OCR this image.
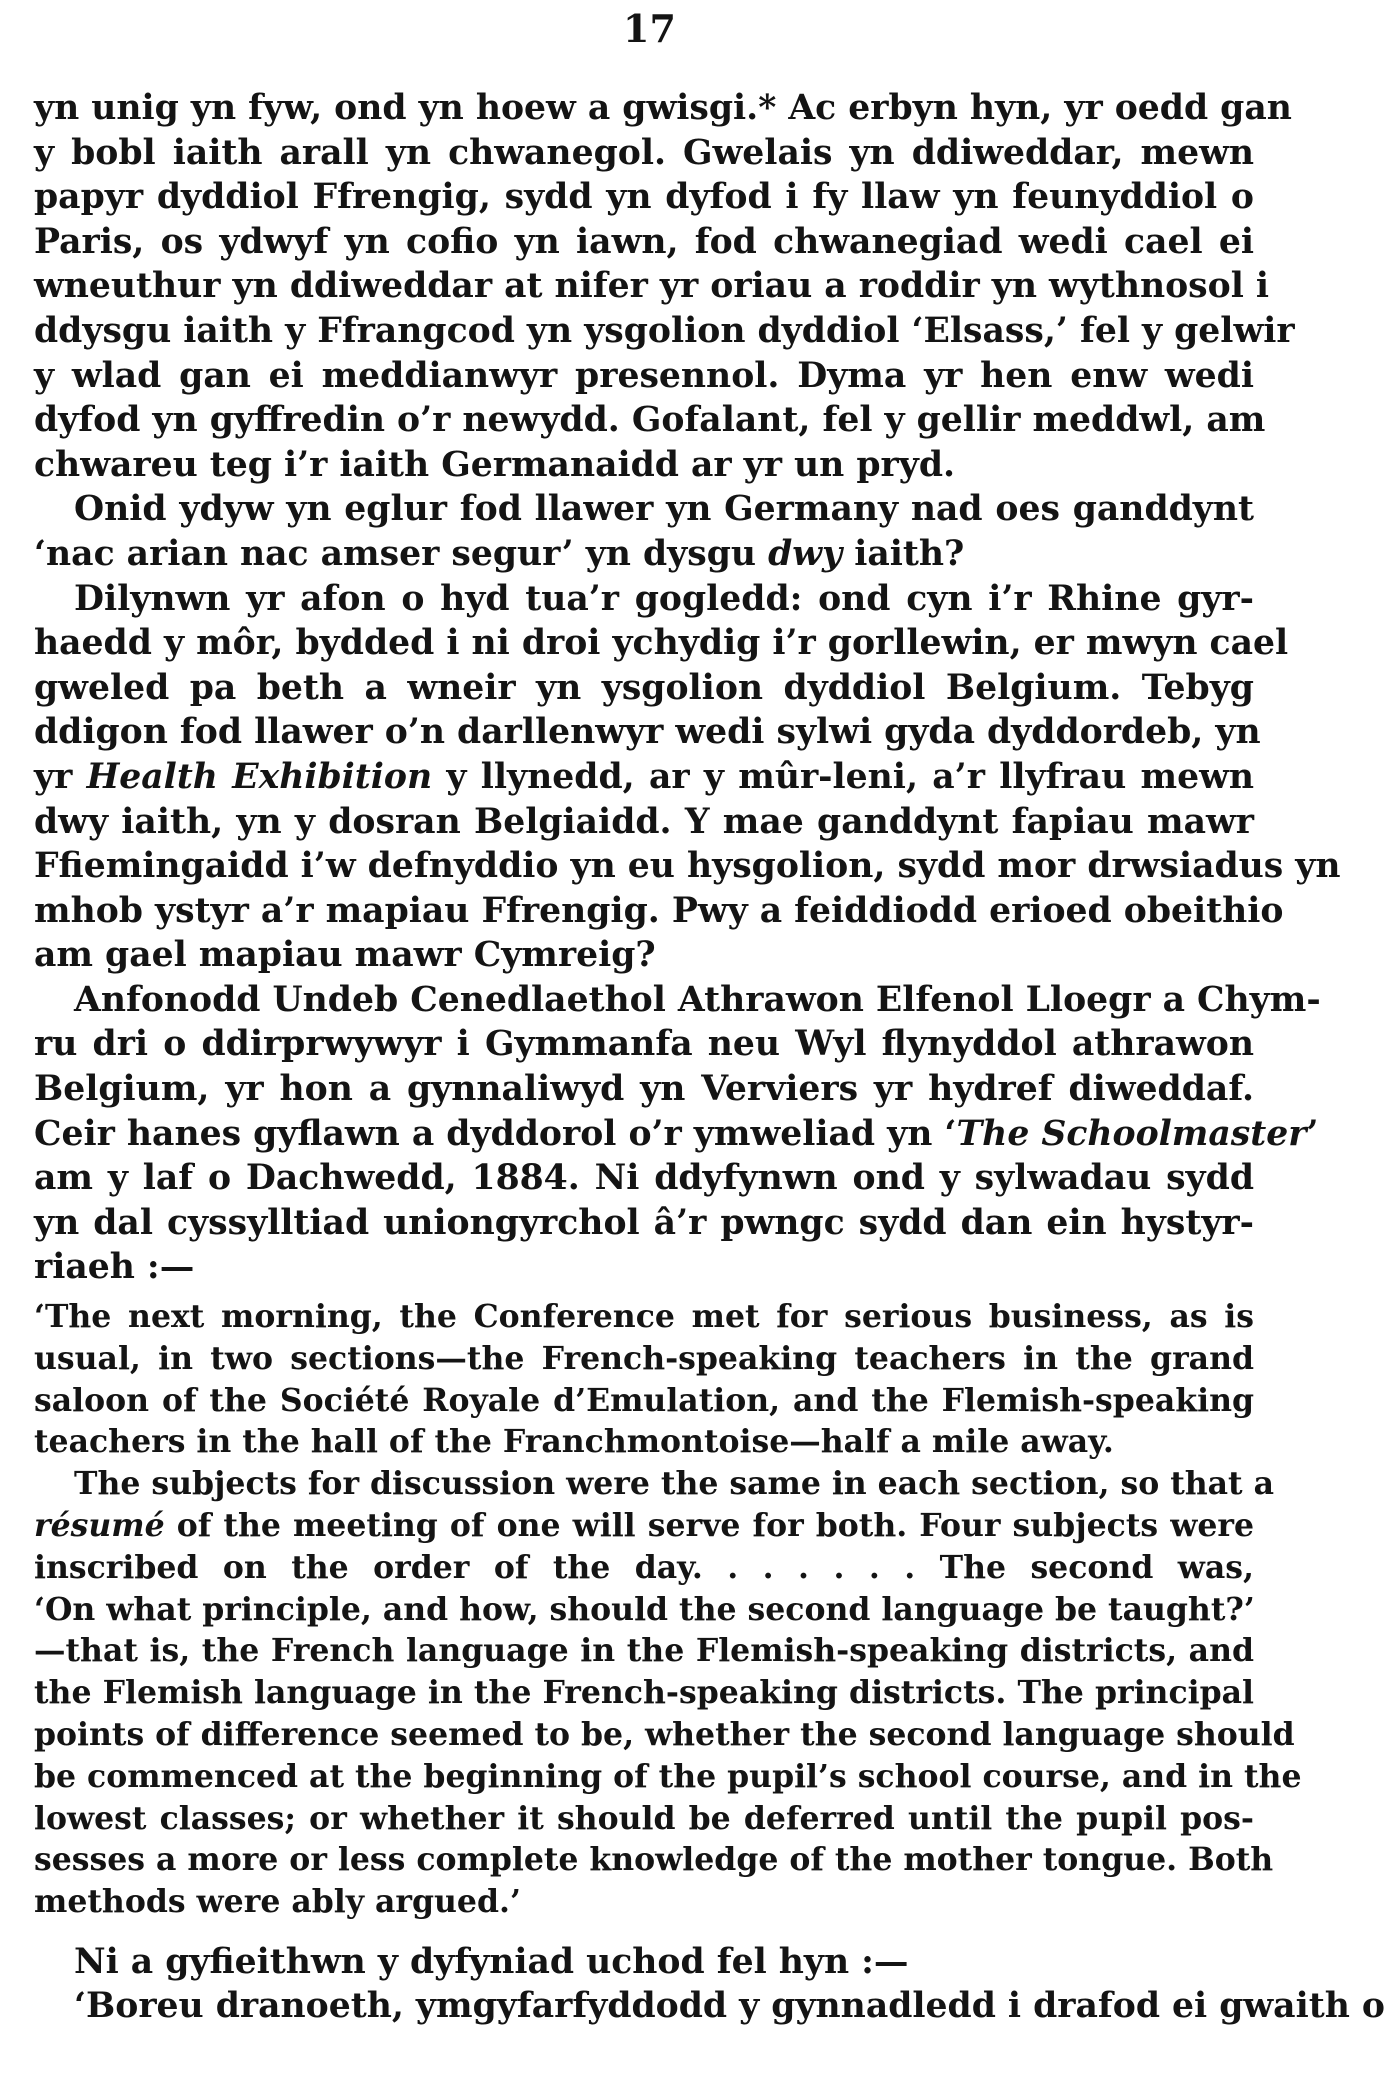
17
yn unig yn fyw, ond yn hoew a gwisgi.* Ac erbyn hyn, yr oedd gan
y bobl iaith arall yn chwanegol. Gwelais yn ddiweddar, mewn
papyr dyddiol Ffrengig, sydd yn dyfod i fy llaw yn feunyddiol o
Paris, os ydwyf yn cofio yn iawn, fod chwanegiad wedi cael ei
wneuthur yn ddiweddar at nifer yr oriau a roddir yn wythnosol i
ddysgu iaith y Ffrangcod yn ysgolion dyddiol ‘Elsass,’ fel y gelwir
y wlad gan ei meddianwyr presennol. Dyma yr hen enw wedi
dyfod yn gyffredin o’r newydd. Gofalant, fel y gellir meddwl, am
chwareu teg i’r iaith Germanaidd ar yr un pryd.
Onid ydyw yn eglur fod llawer yn Germany nad oes ganddynt
‘nac arian nac amser segur’ yn dysgu dwy iaith?
Dilynwn yr afon o hyd tua’r gogledd: ond cyn i’r Rhine gyr-
haedd y môr, bydded i ni droi ychydig i’r gorllewin, er mwyn cael
gweled pa beth a wneir yn ysgolion dyddiol Belgium. Tebyg
ddigon fod llawer o’n darllenwyr wedi sylwi gyda dyddordeb, yn
yr Health Exhibition y llynedd, ar y mûr-leni, a’r llyfrau mewn
dwy iaith, yn y dosran Belgiaidd. Y mae ganddynt fapiau mawr
Ffiemingaidd i’w defnyddio yn eu hysgolion, sydd mor drwsiadus yn
mhob ystyr a’r mapiau Ffrengig. Pwy a feiddiodd erioed obeithio
am gael mapiau mawr Cymreig?
Anfonodd Undeb Cenedlaethol Athrawon Elfenol Lloegr a Chym-
ru dri o ddirprwywyr i Gymmanfa neu Wyl flynyddol athrawon
Belgium, yr hon a gynnaliwyd yn Verviers yr hydref diweddaf.
Ceir hanes gyflawn a dyddorol o’r ymweliad yn ‘The Schoolmaster’
am y laf o Dachwedd, 1884. Ni ddyfynwn ond y sylwadau sydd
yn dal cyssylltiad uniongyrchol â’r pwngc sydd dan ein hystyr-
riaeh :—
‘The next morning, the Conference met for serious business, as is
usual, in two sections—the French-speaking teachers in the grand
saloon of the Société Royale d’Emulation, and the Flemish-speaking
teachers in the hall of the Franchmontoise—half a mile away.
The subjects for discussion were the same in each section, so that a
résumé of the meeting of one will serve for both. Four subjects were
inscribed on the order of the day. . . . . . . The second was,
‘On what principle, and how, should the second language be taught?’
—that is, the French language in the Flemish-speaking districts, and
the Flemish language in the French-speaking districts. The principal
points of difference seemed to be, whether the second language should
be commenced at the beginning of the pupil’s school course, and in the
lowest classes; or whether it should be deferred until the pupil pos-
sesses a more or less complete knowledge of the mother tongue. Both
methods were ably argued.’
Ni a gyfieithwn y dyfyniad uchod fel hyn :—
‘Boreu dranoeth, ymgyfarfyddodd y gynnadledd i drafod ei gwaith o
